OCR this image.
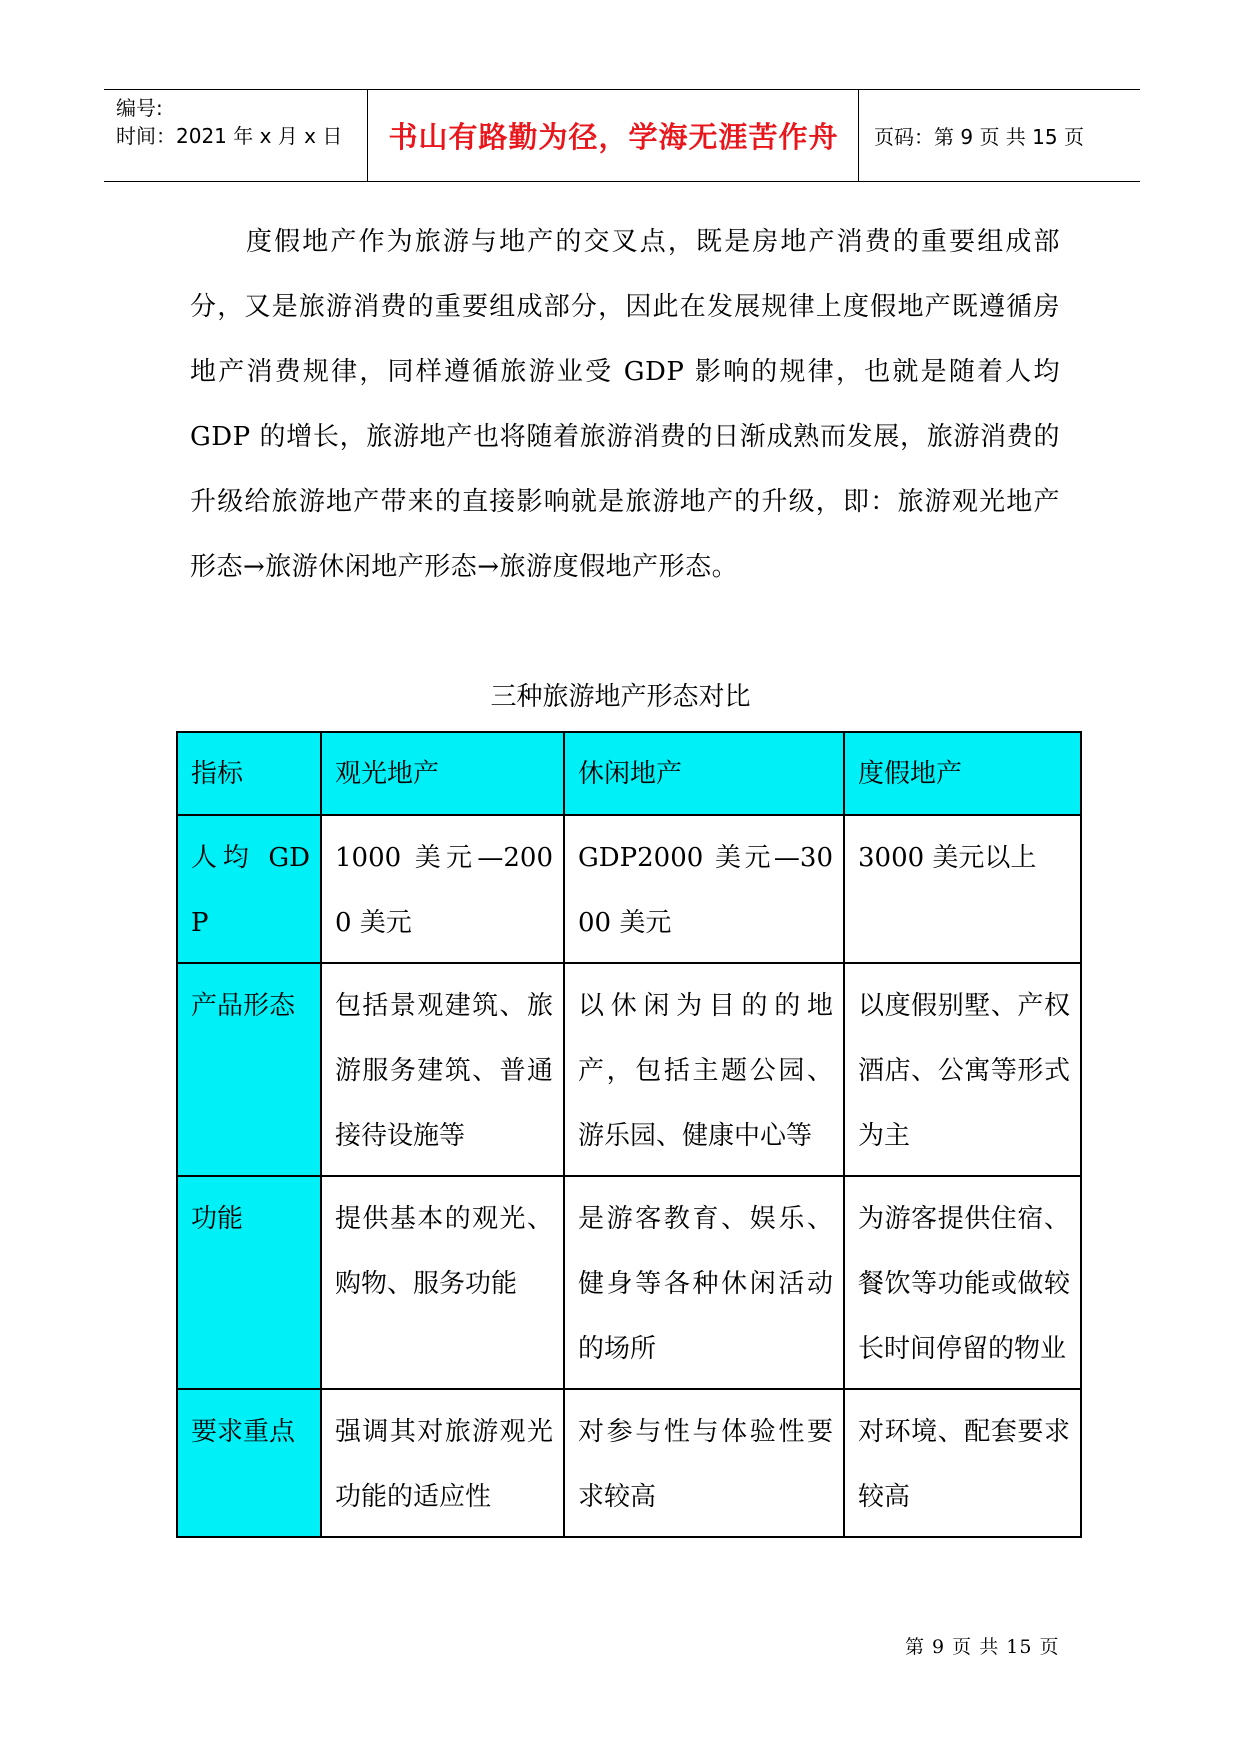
编号:
时间：2021 年 x 月 x 日	书山有路勤为径，学海无涯苦作舟	页码：第 9 页 共 15 页

度假地产作为旅游与地产的交叉点，既是房地产消费的重要组成部分，又是旅游消费的重要组成部分，因此在发展规律上度假地产既遵循房地产消费规律，同样遵循旅游业受 GDP 影响的规律，也就是随着人均 GDP 的增长，旅游地产也将随着旅游消费的日渐成熟而发展，旅游消费的升级给旅游地产带来的直接影响就是旅游地产的升级，即：旅游观光地产形态→旅游休闲地产形态→旅游度假地产形态。

三种旅游地产形态对比
指标	观光地产	休闲地产	度假地产
人均 GDP	1000 美元—2000 美元	GDP2000 美元—3000 美元	3000 美元以上
产品形态	包括景观建筑、旅游服务建筑、普通接待设施等	以休闲为目的的地产，包括主题公园、游乐园、健康中心等	以度假别墅、产权酒店、公寓等形式为主
功能	提供基本的观光、购物、服务功能	是游客教育、娱乐、健身等各种休闲活动的场所	为游客提供住宿、餐饮等功能或做较长时间停留的物业
要求重点	强调其对旅游观光功能的适应性	对参与性与体验性要求较高	对环境、配套要求较高
第 9 页 共 15 页
